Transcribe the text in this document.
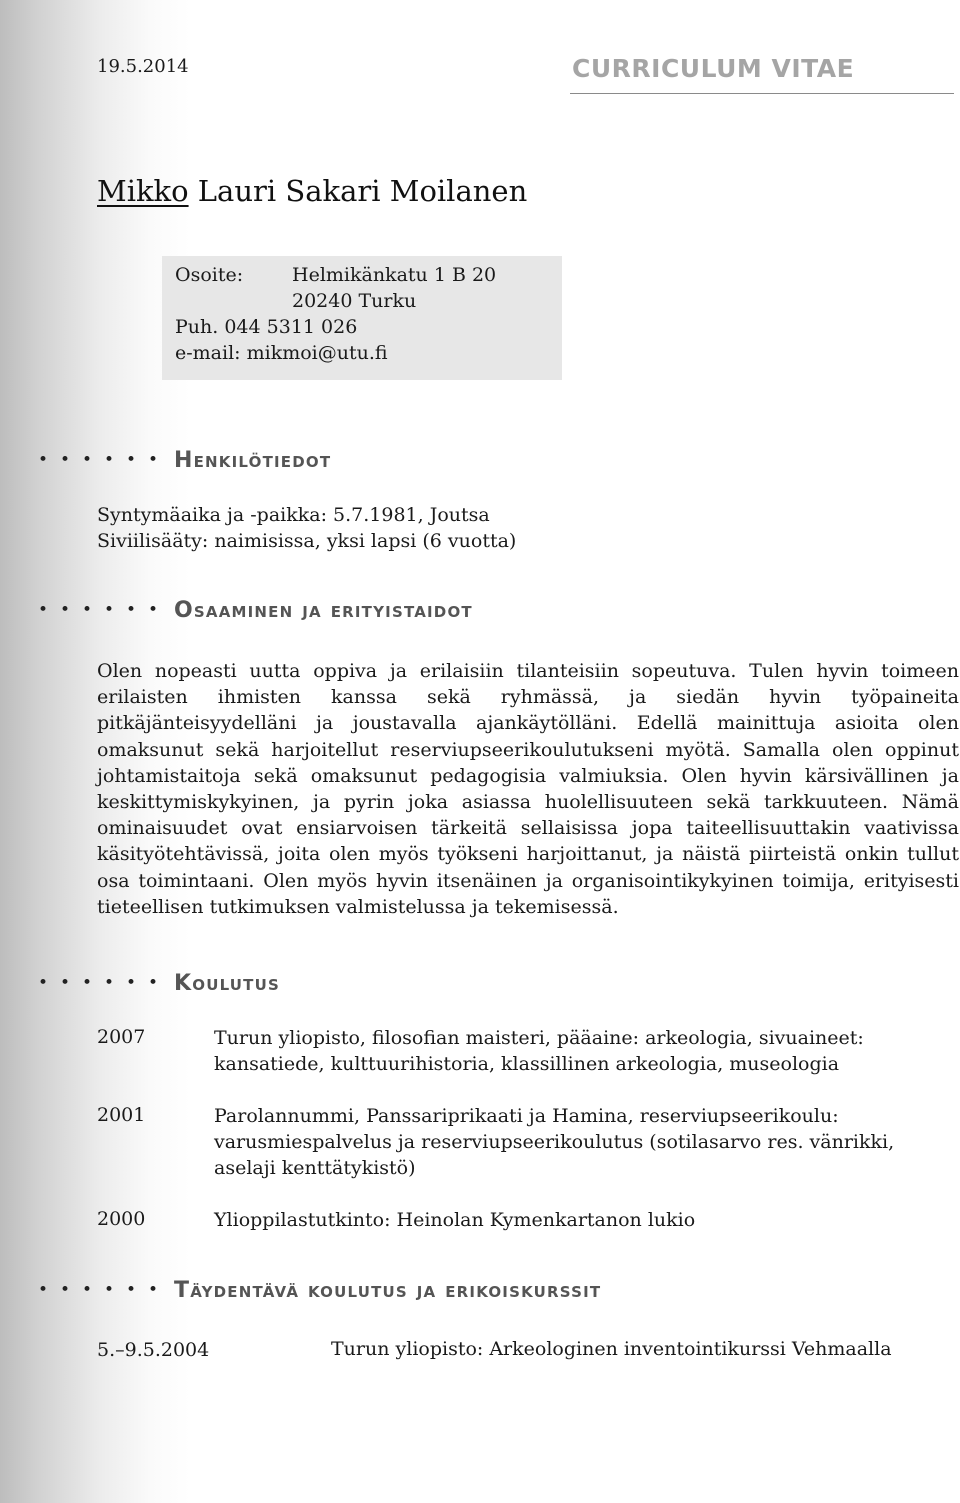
19.5.2014	CURRICULUM VITAE
Mikko Lauri Sakari Moilanen
Osoite:	Helmikänkatu 1 B 20
20240 Turku
Puh. 044 5311 026
e-mail: mikmoi@utu.fi
• • • • • • Henkilötiedot
Syntymäaika ja -paikka: 5.7.1981, Joutsa
Siviilisääty: naimisissa, yksi lapsi (6 vuotta)
• • • • • • Osaaminen ja erityistaidot
Olen nopeasti uutta oppiva ja erilaisiin tilanteisiin sopeutuva. Tulen hyvin toimeen erilaisten ihmisten kanssa sekä ryhmässä, ja siedän hyvin työpaineita pitkäjänteisyydelläni ja joustavalla ajankäytölläni. Edellä mainittuja asioita olen omaksunut sekä harjoitellut reserviupseerikoulutukseni myötä. Samalla olen oppinut johtamistaitoja sekä omaksunut pedagogisia valmiuksia. Olen hyvin kärsivällinen ja keskittymiskykyinen, ja pyrin joka asiassa huolellisuuteen sekä tarkkuuteen. Nämä ominaisuudet ovat ensiarvoisen tärkeitä sellaisissa jopa taiteellisuuttakin vaativissa käsityötehtävissä, joita olen myös työkseni harjoittanut, ja näistä piirteistä onkin tullut osa toimintaani. Olen myös hyvin itsenäinen ja organisointikykyinen toimija, erityisesti tieteellisen tutkimuksen valmistelussa ja tekemisessä.
• • • • • • Koulutus
2007	Turun yliopisto, filosofian maisteri, pääaine: arkeologia, sivuaineet: kansatiede, kulttuurihistoria, klassillinen arkeologia, museologia
2001	Parolannummi, Panssariprikaati ja Hamina, reserviupseerikoulu: varusmiespalvelus ja reserviupseerikoulutus (sotilasarvo res. vänrikki, aselaji kenttätykistö)
2000	Ylioppilastutkinto: Heinolan Kymenkartanon lukio
• • • • • • Täydentävä koulutus ja erikoiskurssit
5.–9.5.2004	Turun yliopisto: Arkeologinen inventointikurssi Vehmaalla
